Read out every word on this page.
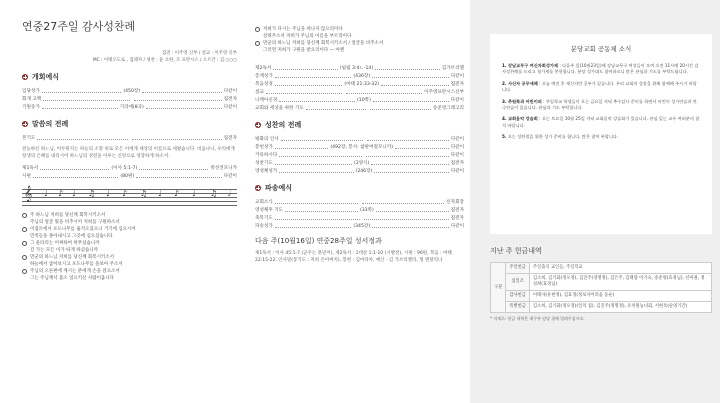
연중27주일 감사성찬례
집전 : 이주영 신부 / 설교 : 이주영 신부
MC : 이태오도로 , 집례자 / 성찬 : 윤 요한, 조 프란시스 / 오르간 : 김 ○○○
개회예식
입당성가	(450장)	다같이
회개 고백	집전자
기원송가	기리에(8곡)	다같이
말씀의 전례
본기도	집전자
전능하신 하느님, 어두워지는 하늘의 소망 위로 모든 이에게 세상의 이름으로 세웠습니다. 비옵나니, 우리에게 창생의 은혜를 내리시어 하느님의 성전을 이루는 신앙으로 성장하게 하소서.
제1독서	(이사 5:1-7)	박선진모니카
시편	(80편)	다같이
𝄞 ♩ ♪ ♩ ♫ ♩ ♪ ♫ ♩ ♪ ♩ ♫ 𝅗𝅥
주 하느님 저희를 당신께 회복시키소서
주님의 얼굴 빛을 비추시어 저희를 구원하소서
이집트에서 포도나무를 옮겨오셨으니 거기에 심으시어
민족들을 몰아내시고 그곳에 심으셨습니다
그 울타리는 어찌하여 허무셨습니까
길 가는 모든 이가 따게 하셨습니까
만군의 하느님 저희를 당신께 회복시키소서
하늘에서 굽어보시고 포도나무를 돌보아 주소서
주님의 오른편에 계시는 분에게 손을 얹으소서
그는 주님께서 몸소 일으키신 사람이옵니다
저희가 다시는 주님을 떠나지 않으리이다
살려주소서 저희가 주님의 이름을 부르리이다
만군의 하느님 저희를 당신께 회복시키소서 / 얼굴을 비추소서
그러면 저희가 구원을 받으리이다 — 아멘
제2독서	(필립 3:4ㄴ-14)	김가브리엘
층계성가	(436장)	다같이
복음성경	(마태 21:33-32)	집전자
설교	이주영프란시스신부
니케아신경	(10쪽)	다같이
교회와 세상을 위한 기도	송준영그레고리
성찬의 전례
평화의 인사	다같이
봉헌성가	(492장, 봉사: 참판여걸모니카)	다같이
거룩하시다	다같이
성찬기도	(2양식)	집전자
영성체성가	(246장)	다같이
파송예식
교회소식	신자회장
영성체후 기도	(33쪽)	집전자
축복기도	집전자
파송성가	(345장)	다같이
다음 주(10월16일) 연중28주일 성서정과
제1독서 : 이사 45:1-7 (군주는 못믿어), 제2독서 : 1데살 1:1-10 (시발전), 시편 : 96편, 복음 : 마태 22:15-22, 인사말(봉기도 : 저희 온아버지), 봉헌 : 김마리아, 예산 · 김 가브리엘라, 형 엔탈리나
분당교회 공동체 소식
1. 강남교무구 여신자회성가제 : 다음주 일(10월23일)에 강남교무구 여성들이 모여 오전 11시에 20시간 감사성찬례를 드리고 청가제를 봉헌합니다. 분당 성가대도 참여하오니 많은 관심과 기도를 부탁드립니다.
2. 사신자 공무세례 : 오늘 예전 후 세신자반 공부가 있습니다. 우리 교회의 성장을 위해 함께해 주시기 바랍니다.
3. 추원쪽과 어린이의 : 주일학교 학생들이 오는 금요일 저녁 추수감사 준비를 하면서 어린이 성가연습과 연극연습이 있습니다. 관심과 기도 부탁합니다.
4. 교회음악 강습회 : 오는 토요일 10월 25일 저녁 교회음악 강습회가 있습니다. 관심 있는 교우 여러분의 참석 바랍니다.
5. 오는 성탄절을 위한 성가 준비를 합니다. 많은 참여 바랍니다.
지난 주 헌금내역
구분	주일헌금	주일출석 교인들, 주일학교
	십일조	김소희, 김기화(정오경), 김진주(경명정), 김은주, 김태량 이기숙, 송준영(효경님), 선미권, 정성희(효경님)
	감사헌금	이태자(유현정), 김효정(정보자어려움 동순)
	특별헌금	김소희, 김기화(정오경)(얼의 집), 김진주(정명정), 유치원능녀회, 서현옥(순영기간)
* 지제로: 헌금 내역은 재무부 담당 청에 알려주십시오.
